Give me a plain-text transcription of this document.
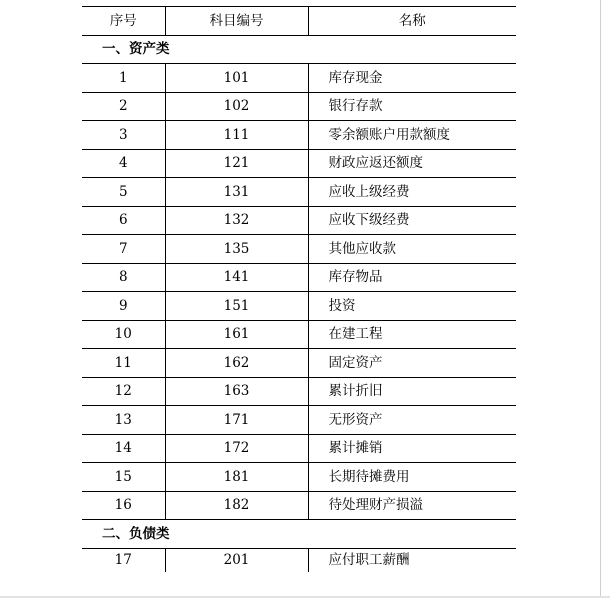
序号	科目编号	名称
一、资产类		
1	101	库存现金
2	102	银行存款
3	111	零余额账户用款额度
4	121	财政应返还额度
5	131	应收上级经费
6	132	应收下级经费
7	135	其他应收款
8	141	库存物品
9	151	投资
10	161	在建工程
11	162	固定资产
12	163	累计折旧
13	171	无形资产
14	172	累计摊销
15	181	长期待摊费用
16	182	待处理财产损溢
二、负债类		
17	201	应付职工薪酬
